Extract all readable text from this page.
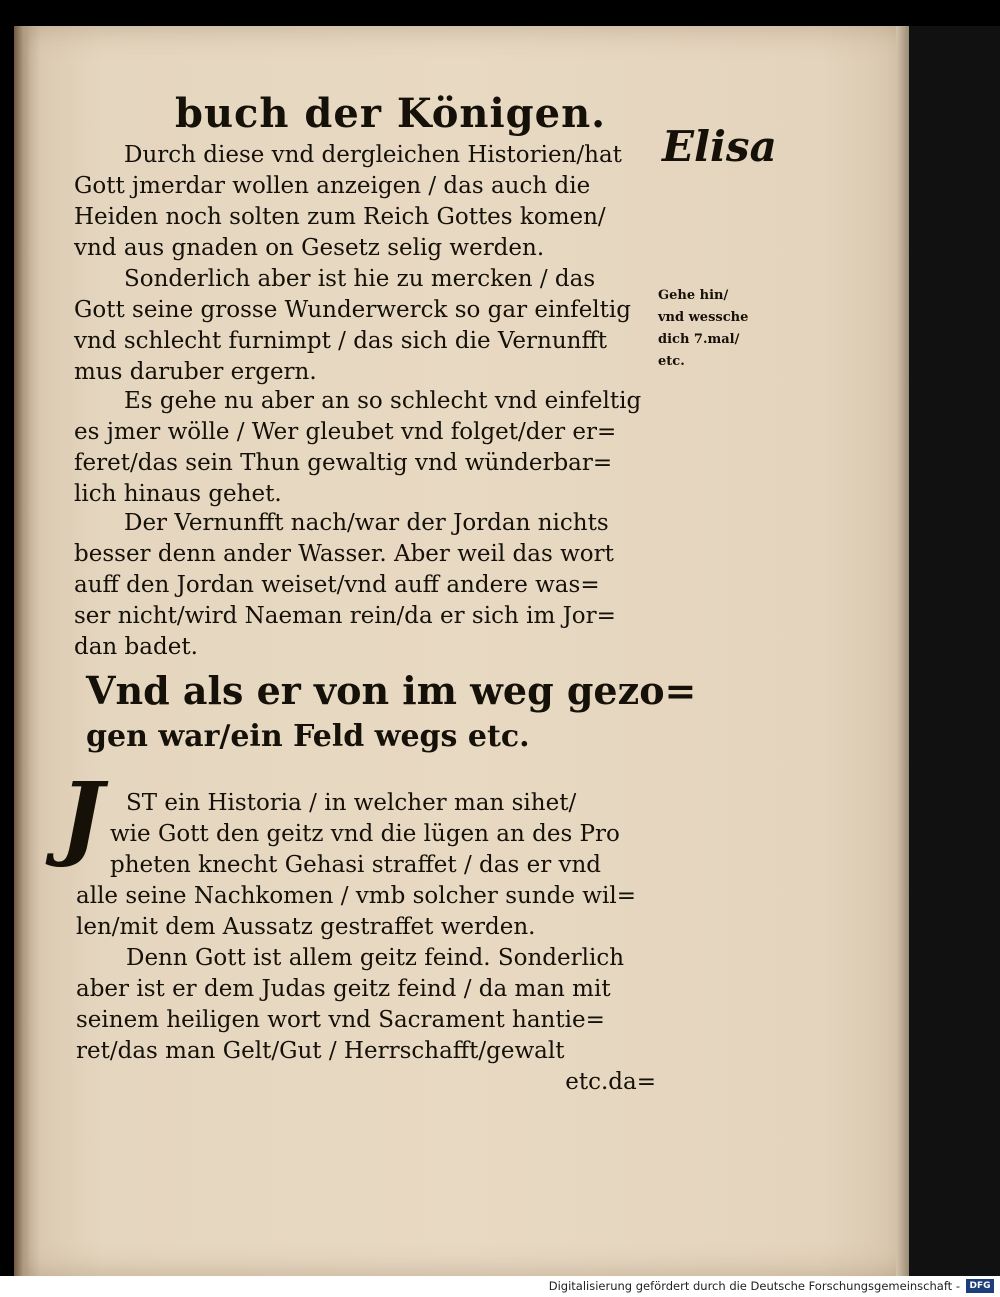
buch der Königen.
Elisa
Durch diese vnd dergleichen Historien/hat
Gott jmerdar wollen anzeigen / das auch die
Heiden noch solten zum Reich Gottes komen/
vnd aus gnaden on Gesetz selig werden.
Sonderlich aber ist hie zu mercken / das
Gott seine grosse Wunderwerck so gar einfeltig
vnd schlecht furnimpt / das sich die Vernunfft
mus daruber ergern.
Gehe hin/
vnd wessche
dich 7.mal/
etc.
Es gehe nu aber an so schlecht vnd einfeltig
es jmer wölle / Wer gleubet vnd folget/der er=
feret/das sein Thun gewaltig vnd wünderbar=
lich hinaus gehet.
Der Vernunfft nach/war der Jordan nichts
besser denn ander Wasser. Aber weil das wort
auff den Jordan weiset/vnd auff andere was=
ser nicht/wird Naeman rein/da er sich im Jor=
dan badet.
Vnd als er von im weg gezo=
gen war/ein Feld wegs etc.
J ST ein Historia / in welcher man sihet/
wie Gott den geitz vnd die lügen an des Pro
pheten knecht Gehasi straffet / das er vnd
alle seine Nachkomen / vmb solcher sunde wil=
len/mit dem Aussatz gestraffet werden.
Denn Gott ist allem geitz feind. Sonderlich
aber ist er dem Judas geitz feind / da man mit
seinem heiligen wort vnd Sacrament hantie=
ret/das man Gelt/Gut / Herrschafft/gewalt
etc.da=
Digitalisierung gefördert durch die Deutsche Forschungsgemeinschaft -	DFG
